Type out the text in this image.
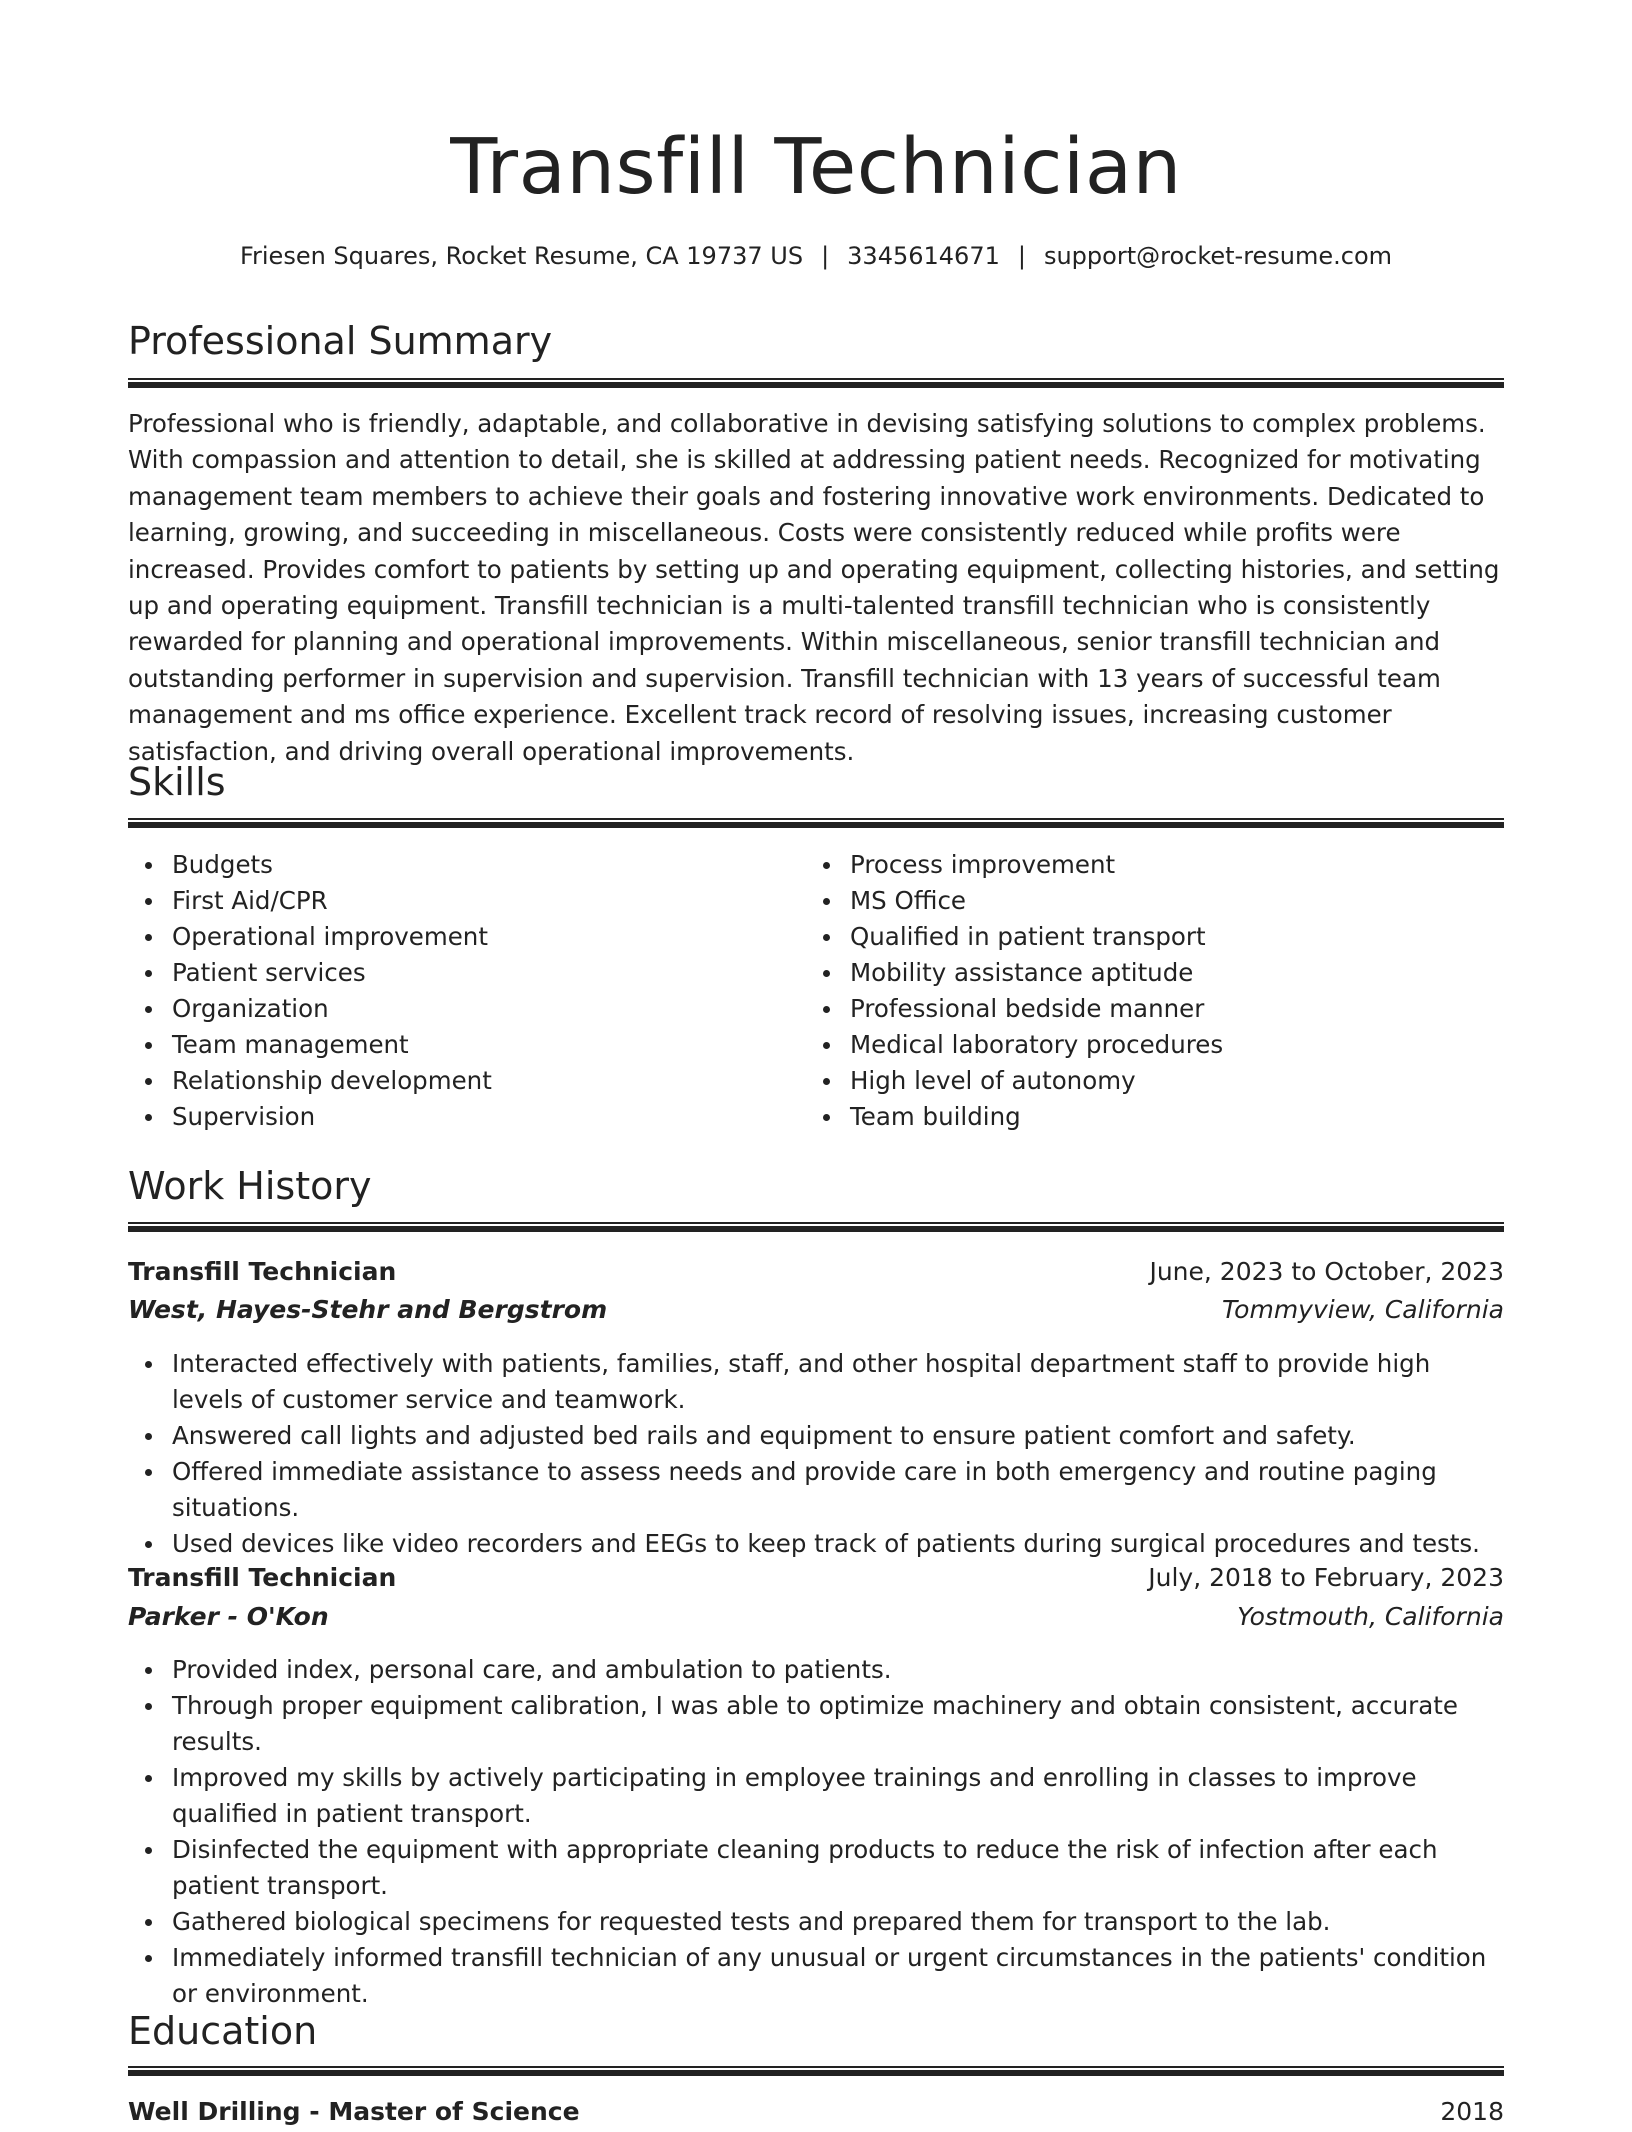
Transfill Technician
Friesen Squares, Rocket Resume, CA 19737 US | 3345614671 | support@rocket-resume.com
Professional Summary

Professional who is friendly, adaptable, and collaborative in devising satisfying solutions to complex problems. With compassion and attention to detail, she is skilled at addressing patient needs. Recognized for motivating management team members to achieve their goals and fostering innovative work environments. Dedicated to learning, growing, and succeeding in miscellaneous. Costs were consistently reduced while profits were increased. Provides comfort to patients by setting up and operating equipment, collecting histories, and setting up and operating equipment. Transfill technician is a multi-talented transfill technician who is consistently rewarded for planning and operational improvements. Within miscellaneous, senior transfill technician and outstanding performer in supervision and supervision. Transfill technician with 13 years of successful team management and ms office experience. Excellent track record of resolving issues, increasing customer satisfaction, and driving overall operational improvements.

Skills
Budgets
First Aid/CPR
Operational improvement
Patient services
Organization
Team management
Relationship development
Supervision
Process improvement
MS Office
Qualified in patient transport
Mobility assistance aptitude
Professional bedside manner
Medical laboratory procedures
High level of autonomy
Team building
Work History
Transfill Technician	June, 2023 to October, 2023
West, Hayes-Stehr and Bergstrom	Tommyview, California
Interacted effectively with patients, families, staff, and other hospital department staff to provide high levels of customer service and teamwork.
Answered call lights and adjusted bed rails and equipment to ensure patient comfort and safety.
Offered immediate assistance to assess needs and provide care in both emergency and routine paging situations.
Used devices like video recorders and EEGs to keep track of patients during surgical procedures and tests.
Transfill Technician	July, 2018 to February, 2023
Parker - O'Kon	Yostmouth, California
Provided index, personal care, and ambulation to patients.
Through proper equipment calibration, I was able to optimize machinery and obtain consistent, accurate results.
Improved my skills by actively participating in employee trainings and enrolling in classes to improve qualified in patient transport.
Disinfected the equipment with appropriate cleaning products to reduce the risk of infection after each patient transport.
Gathered biological specimens for requested tests and prepared them for transport to the lab.
Immediately informed transfill technician of any unusual or urgent circumstances in the patients' condition or environment.
Education
Well Drilling - Master of Science	2018
